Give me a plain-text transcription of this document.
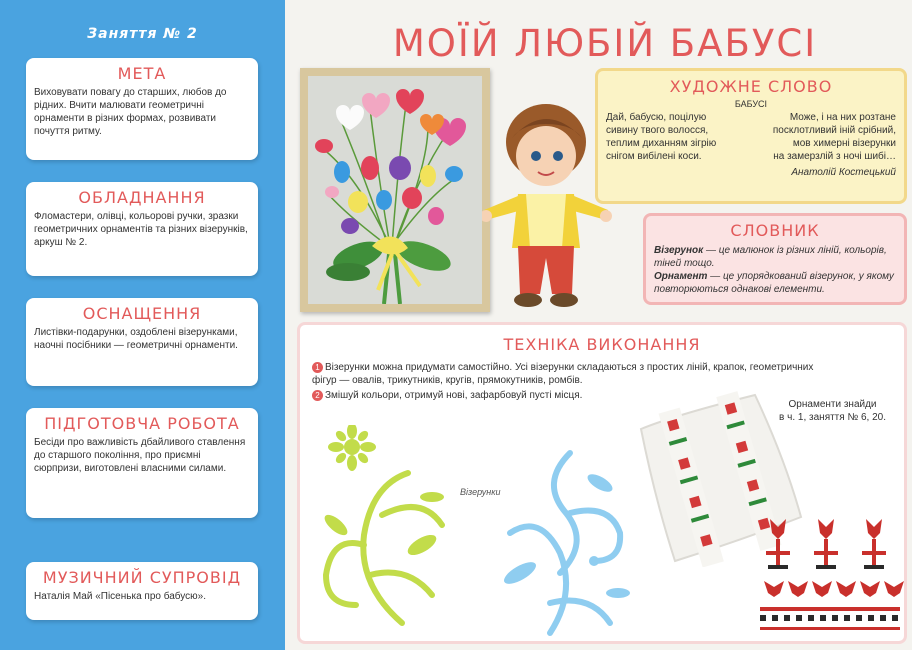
Заняття № 2
МЕТА

Виховувати повагу до старших, любов до рідних. Вчити малювати геометричні орнаменти в різних формах, розвивати почуття ритму.

ОБЛАДНАННЯ

Фломастери, олівці, кольорові ручки, зразки геометричних орнаментів та різних візерунків, аркуш № 2.

ОСНАЩЕННЯ

Листівки-подарунки, оздоблені візерунками, наочні посібники — геометричні орнаменти.

ПІДГОТОВЧА РОБОТА

Бесіди про важливість дбайливого ставлення до старшого покоління, про приємні сюрпризи, виготовлені власними силами.

МУЗИЧНИЙ СУПРОВІД

Наталія Май «Пісенька про бабусю».

МОЇЙ ЛЮБІЙ БАБУСІ
ХУДОЖНЕ СЛОВО
БАБУСІ
Дай, бабусю, поцілую
сивину твого волосся,
теплим диханням зігрію
снігом вибілені коси.
Може, і на них розтане
посклотливий іній срібний,
мов химерні візерунки
на замерзлій з ночі шибі…
Анатолій Костецький
СЛОВНИК

Візерунок — це малюнок із різних ліній, кольорів, тіней тощо.

Орнамент — це упорядкований візерунок, у якому повторюються однакові елементи.

ТЕХНІКА ВИКОНАННЯ
1 Візерунки можна придумати самостійно. Усі візерунки складаються з простих ліній, крапок, геометричних фігур — овалів, трикутників, кругів, прямокутників, ромбів.
2 Змішуй кольори, отримуй нові, зафарбовуй пусті місця.
Орнаменти знайди
в ч. 1, заняття № 6, 20.
Візерунки
